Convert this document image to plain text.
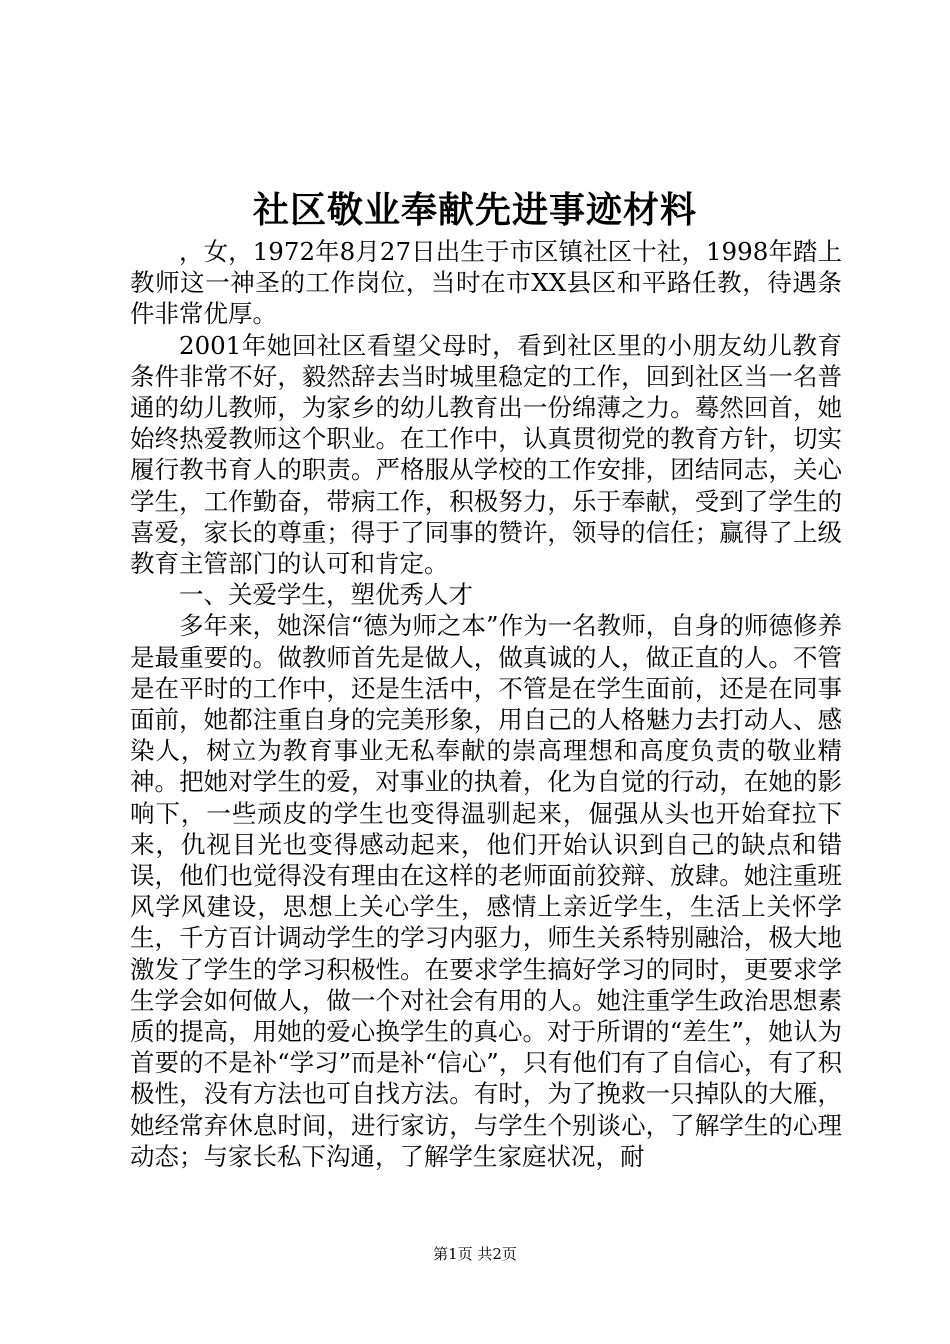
社区敬业奉献先进事迹材料

，女，1972年8月27日出生于市区镇社区十社，1998年踏上教师这一神圣的工作岗位，当时在市XX县区和平路任教，待遇条件非常优厚。

2001年她回社区看望父母时，看到社区里的小朋友幼儿教育条件非常不好，毅然辞去当时城里稳定的工作，回到社区当一名普通的幼儿教师，为家乡的幼儿教育出一份绵薄之力。蓦然回首，她始终热爱教师这个职业。在工作中，认真贯彻党的教育方针，切实履行教书育人的职责。严格服从学校的工作安排，团结同志，关心学生，工作勤奋，带病工作，积极努力，乐于奉献，受到了学生的喜爱，家长的尊重；得于了同事的赞许，领导的信任；赢得了上级教育主管部门的认可和肯定。

一、关爱学生，塑优秀人才

多年来，她深信“德为师之本”作为一名教师，自身的师德修养是最重要的。做教师首先是做人，做真诚的人，做正直的人。不管是在平时的工作中，还是生活中，不管是在学生面前，还是在同事面前，她都注重自身的完美形象，用自己的人格魅力去打动人、感染人，树立为教育事业无私奉献的崇高理想和高度负责的敬业精神。把她对学生的爱，对事业的执着，化为自觉的行动，在她的影响下，一些顽皮的学生也变得温驯起来，倔强从头也开始耷拉下来，仇视目光也变得感动起来，他们开始认识到自己的缺点和错误，他们也觉得没有理由在这样的老师面前狡辩、放肆。她注重班风学风建设，思想上关心学生，感情上亲近学生，生活上关怀学生，千方百计调动学生的学习内驱力，师生关系特别融洽，极大地激发了学生的学习积极性。在要求学生搞好学习的同时，更要求学生学会如何做人，做一个对社会有用的人。她注重学生政治思想素质的提高，用她的爱心换学生的真心。对于所谓的“差生”，她认为首要的不是补“学习”而是补“信心”，只有他们有了自信心，有了积极性，没有方法也可自找方法。有时，为了挽救一只掉队的大雁，她经常弃休息时间，进行家访，与学生个别谈心，了解学生的心理动态；与家长私下沟通，了解学生家庭状况，耐

第1页 共2页
